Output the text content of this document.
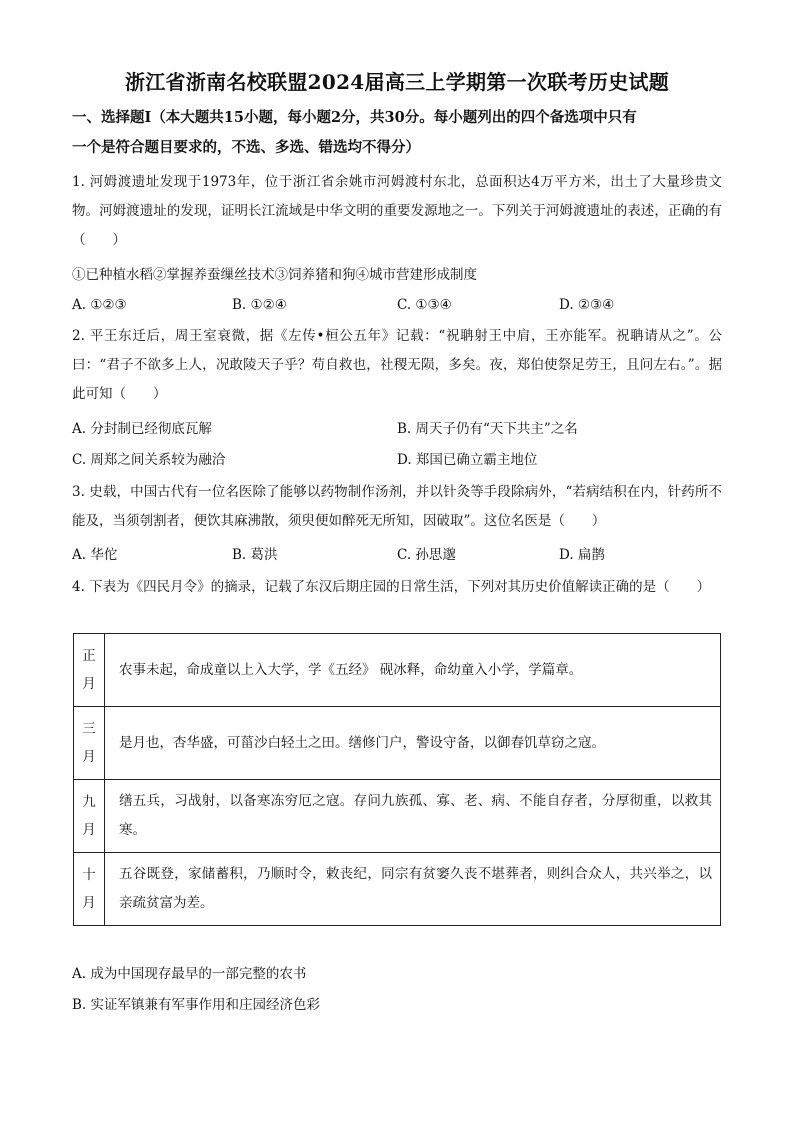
浙江省浙南名校联盟2024届高三上学期第一次联考历史试题
一、选择题Ⅰ（本大题共15小题，每小题2分，共30分。每小题列出的四个备选项中只有
一个是符合题目要求的，不选、多选、错选均不得分）
1. 河姆渡遗址发现于1973年，位于浙江省余姚市河姆渡村东北，总面积达4万平方米，出土了大量珍贵文物。河姆渡遗址的发现，证明长江流域是中华文明的重要发源地之一。下列关于河姆渡遗址的表述，正确的有（　　）
①已种植水稻②掌握养蚕缫丝技术③饲养猪和狗④城市营建形成制度
A. ①②③	B. ①②④	C. ①③④	D. ②③④
2. 平王东迁后，周王室衰微，据《左传•桓公五年》记载：“祝聃射王中肩，王亦能军。祝聃请从之”。公曰：“君子不欲多上人，况敢陵天子乎？苟自救也，社稷无陨，多矣。夜，郑伯使祭足劳王，且问左右。”。据此可知（　　）
A. 分封制已经彻底瓦解	B. 周天子仍有“天下共主”之名
C. 周郑之间关系较为融洽	D. 郑国已确立霸主地位
3. 史载，中国古代有一位名医除了能够以药物制作汤剂，并以针灸等手段除病外，“若病结积在内，针药所不能及，当须刳割者，便饮其麻沸散，须臾便如醉死无所知，因破取”。这位名医是（　　）
A. 华佗	B. 葛洪	C. 孙思邈	D. 扁鹊
4. 下表为《四民月令》的摘录，记载了东汉后期庄园的日常生活，下列对其历史价值解读正确的是（　　）
正
月	农事未起，命成童以上入大学，学《五经》 砚冰释，命幼童入小学，学篇章。

三
月	是月也，杏华盛，可菑沙白轻土之田。缮修门户，警设守备，以御春饥草窃之寇。

九
月	缮五兵，习战射，以备寒冻穷厄之寇。存问九族孤、寡、老、病、不能自存者，分厚彻重，以救其寒。

十
月	五谷既登，家储蓄积，乃顺时令，敕丧纪，同宗有贫窭久丧不堪葬者，则纠合众人，共兴举之，以亲疏贫富为差。
A. 成为中国现存最早的一部完整的农书
B. 实证军镇兼有军事作用和庄园经济色彩
